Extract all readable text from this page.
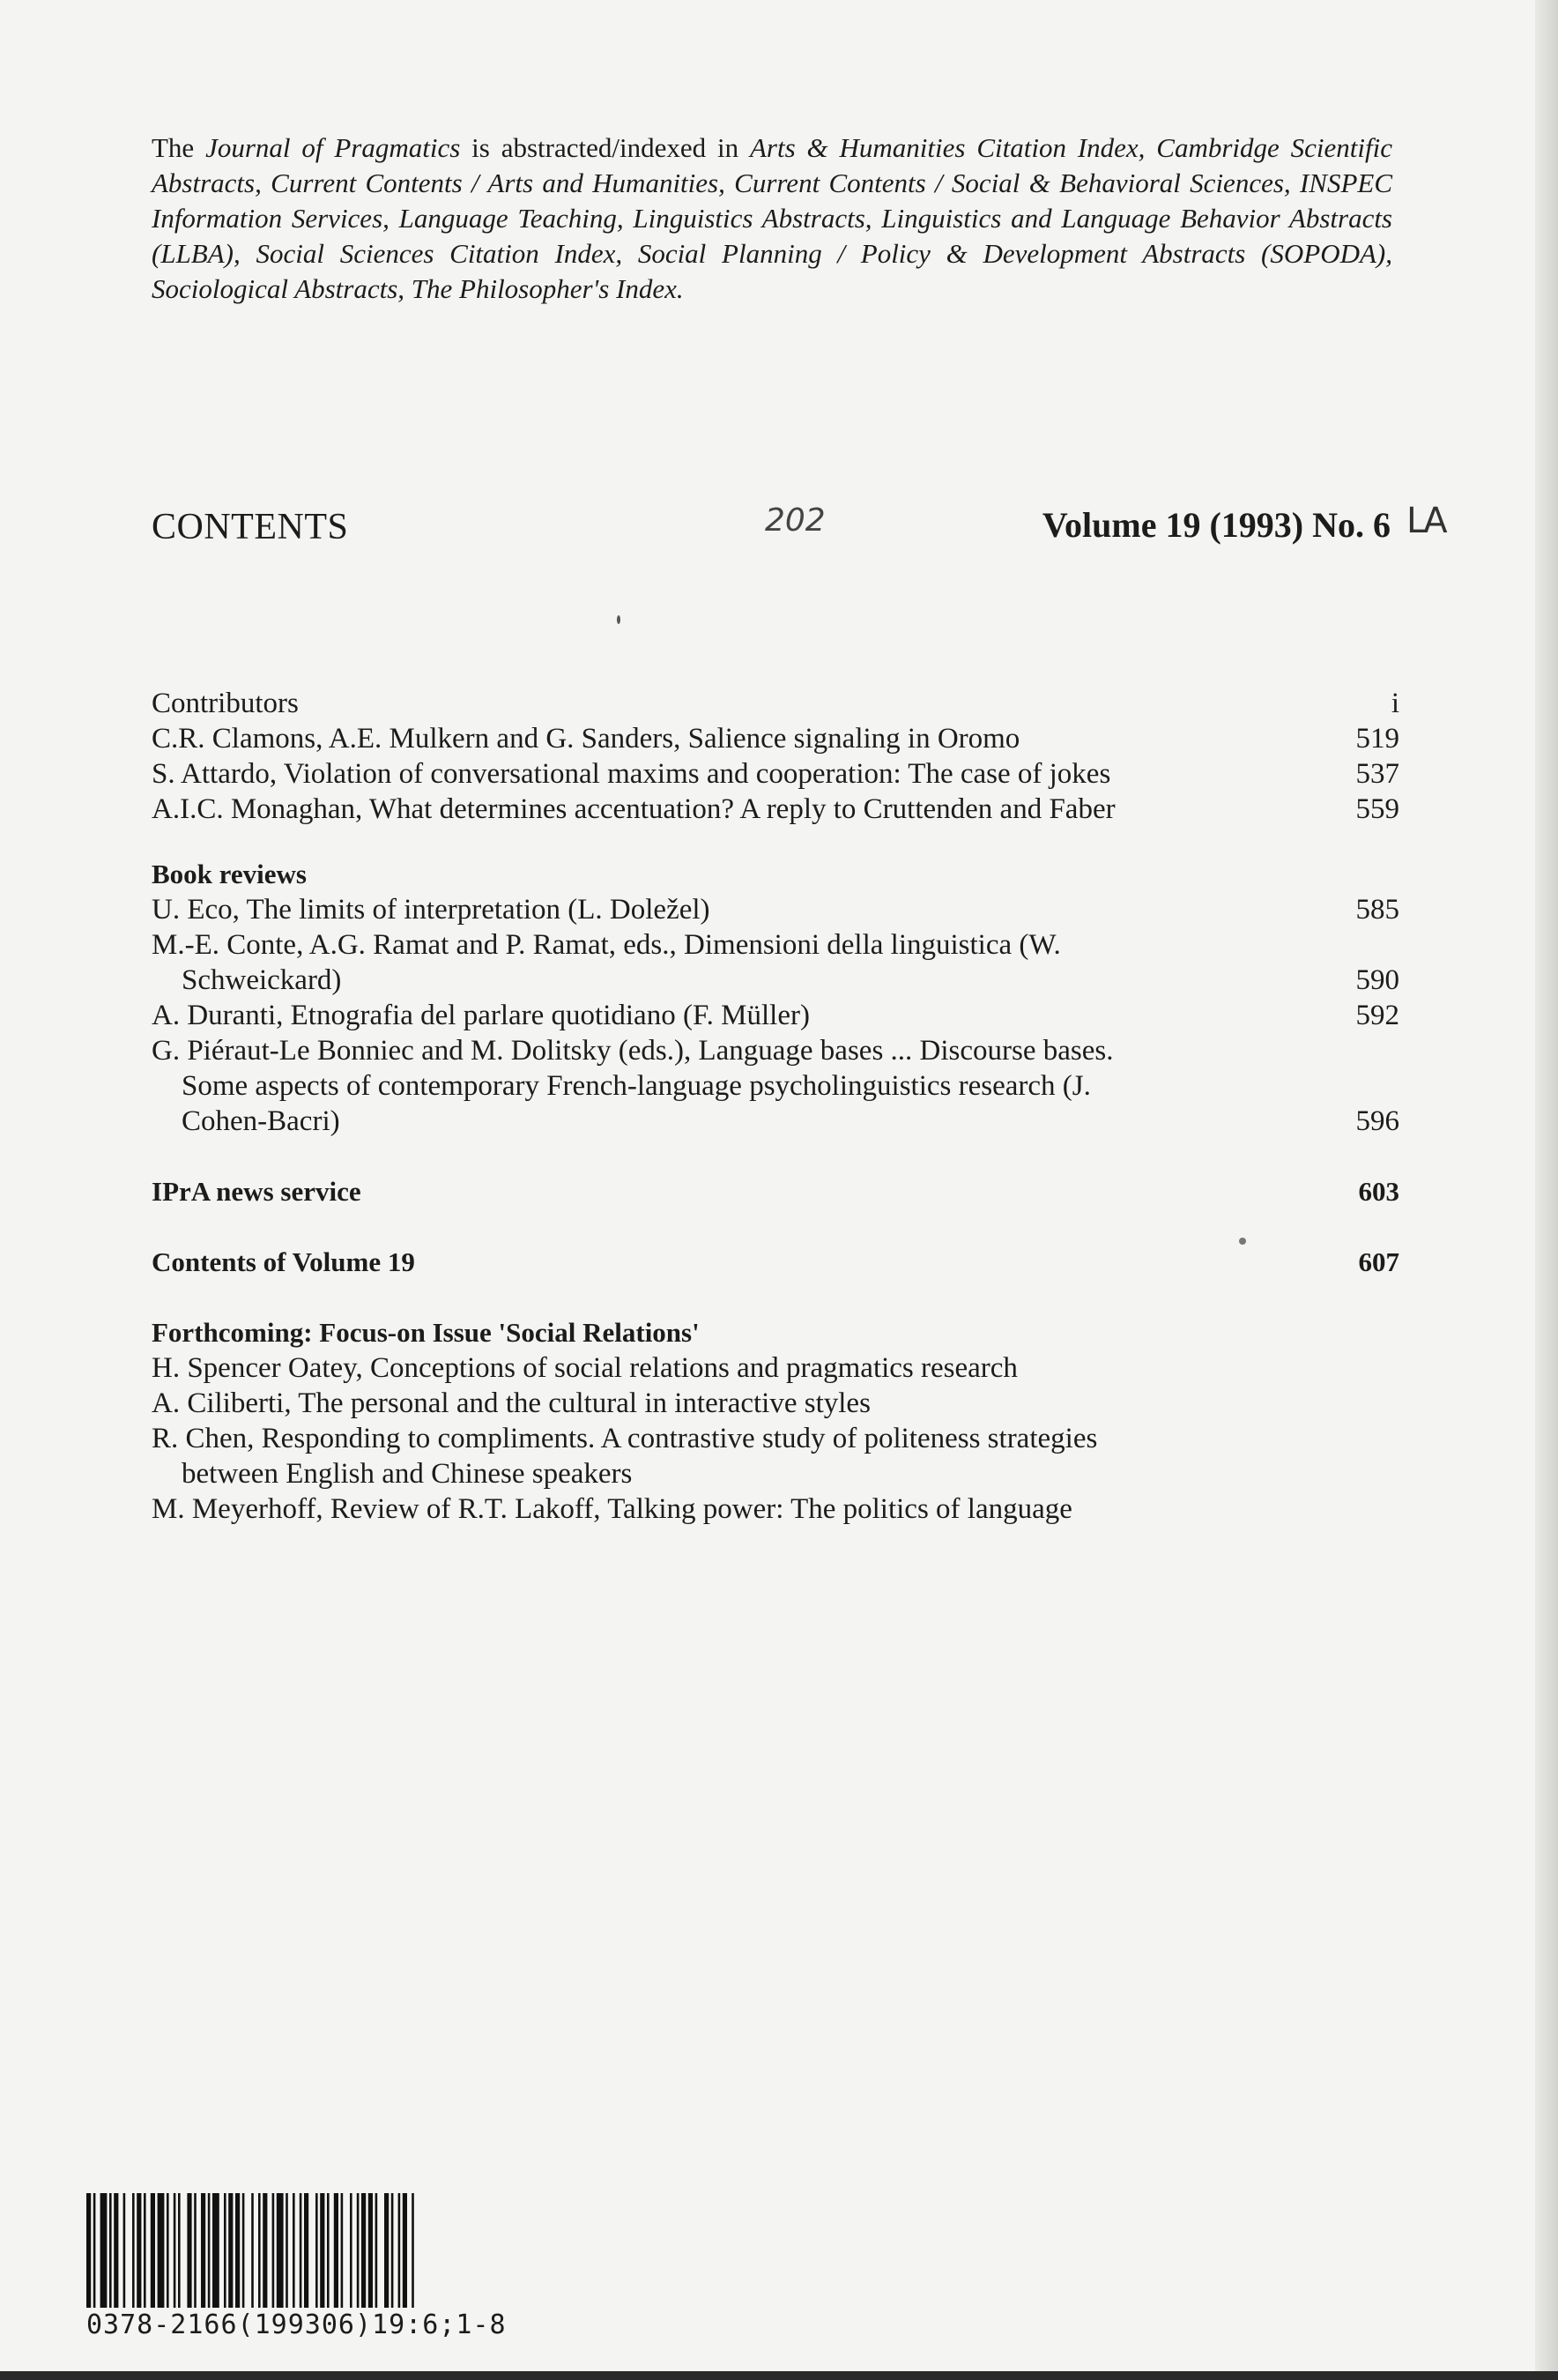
The Journal of Pragmatics is abstracted/indexed in Arts & Humanities Citation Index, Cambridge Scientific Abstracts, Current Contents / Arts and Humanities, Current Contents / Social & Behavioral Sciences, INSPEC Information Services, Language Teaching, Linguistics Abstracts, Linguistics and Language Behavior Abstracts (LLBA), Social Sciences Citation Index, Social Planning / Policy & Development Abstracts (SOPODA), Sociological Abstracts, The Philosopher's Index.

CONTENTS	202	Volume 19 (1993) No. 6 LA
Contributors	i
C.R. Clamons, A.E. Mulkern and G. Sanders, Salience signaling in Oromo	519
S. Attardo, Violation of conversational maxims and cooperation: The case of jokes	537
A.I.C. Monaghan, What determines accentuation? A reply to Cruttenden and Faber	559

Book reviews

U. Eco, The limits of interpretation (L. Doležel)	585
M.-E. Conte, A.G. Ramat and P. Ramat, eds., Dimensioni della linguistica (W.
Schweickard)	590
A. Duranti, Etnografia del parlare quotidiano (F. Müller)	592
G. Piéraut-Le Bonniec and M. Dolitsky (eds.), Language bases ... Discourse bases.
Some aspects of contemporary French-language psycholinguistics research (J.
Cohen-Bacri)	596
IPrA news service	603
Contents of Volume 19	607

Forthcoming: Focus-on Issue 'Social Relations'

H. Spencer Oatey, Conceptions of social relations and pragmatics research
A. Ciliberti, The personal and the cultural in interactive styles
R. Chen, Responding to compliments. A contrastive study of politeness strategies
between English and Chinese speakers
M. Meyerhoff, Review of R.T. Lakoff, Talking power: The politics of language
0378-2166(199306)19:6;1-8
